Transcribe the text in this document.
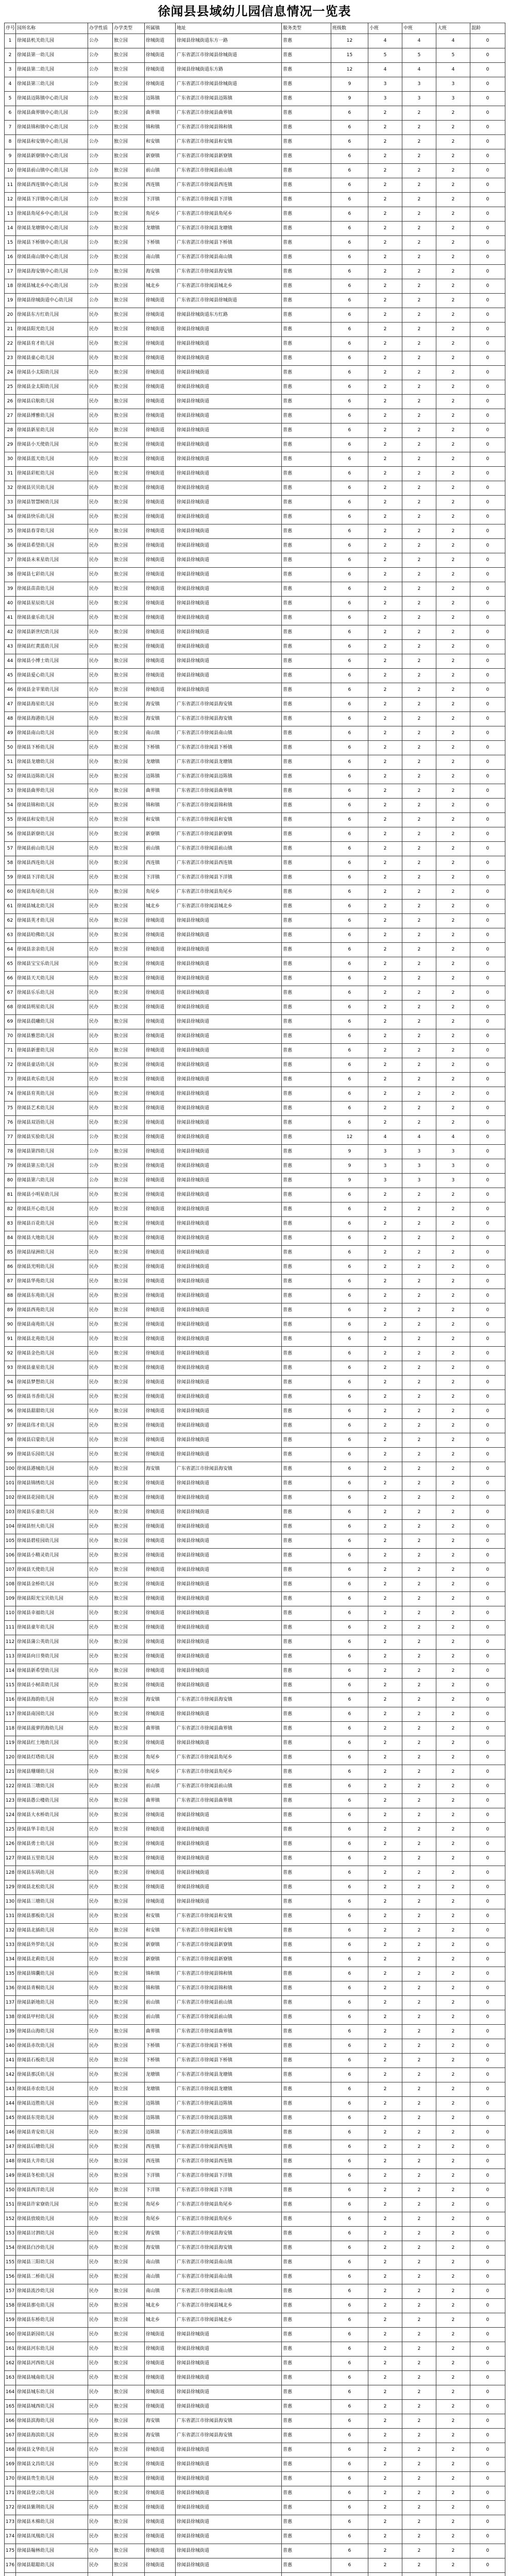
徐闻县县域幼儿园信息情况一览表
序号	园所名称	办学性质	办学类型	所属镇	地址	服务类型	班级数	小班	中班	大班	混龄
1	徐闻县机关幼儿园	公办	独立园	徐城街道	徐闻县徐城街道东方一路	普惠	12	4	4	4	0
2	徐闻县第一幼儿园	公办	独立园	徐城街道	广东省湛江市徐闻县徐城街道	普惠	15	5	5	5	0
3	徐闻县第二幼儿园	公办	独立园	徐城街道	徐闻县徐城街道东方路	普惠	12	4	4	4	0
4	徐闻县第三幼儿园	公办	独立园	徐城街道	广东省湛江市徐闻县徐城街道	普惠	9	3	3	3	0
5	徐闻县迈陈镇中心幼儿园	公办	独立园	迈陈镇	广东省湛江市徐闻县迈陈镇	普惠	9	3	3	3	0
6	徐闻县曲界镇中心幼儿园	公办	独立园	曲界镇	广东省湛江市徐闻县曲界镇	普惠	6	2	2	2	0
7	徐闻县锦和镇中心幼儿园	公办	独立园	锦和镇	广东省湛江市徐闻县锦和镇	普惠	6	2	2	2	0
8	徐闻县和安镇中心幼儿园	公办	独立园	和安镇	广东省湛江市徐闻县和安镇	普惠	6	2	2	2	0
9	徐闻县新寮镇中心幼儿园	公办	独立园	新寮镇	广东省湛江市徐闻县新寮镇	普惠	6	2	2	2	0
10	徐闻县前山镇中心幼儿园	公办	独立园	前山镇	广东省湛江市徐闻县前山镇	普惠	6	2	2	2	0
11	徐闻县西连镇中心幼儿园	公办	独立园	西连镇	广东省湛江市徐闻县西连镇	普惠	6	2	2	2	0
12	徐闻县下洋镇中心幼儿园	公办	独立园	下洋镇	广东省湛江市徐闻县下洋镇	普惠	6	2	2	2	0
13	徐闻县角尾乡中心幼儿园	公办	独立园	角尾乡	广东省湛江市徐闻县角尾乡	普惠	6	2	2	2	0
14	徐闻县龙塘镇中心幼儿园	公办	独立园	龙塘镇	广东省湛江市徐闻县龙塘镇	普惠	6	2	2	2	0
15	徐闻县下桥镇中心幼儿园	公办	独立园	下桥镇	广东省湛江市徐闻县下桥镇	普惠	6	2	2	2	0
16	徐闻县南山镇中心幼儿园	公办	独立园	南山镇	广东省湛江市徐闻县南山镇	普惠	6	2	2	2	0
17	徐闻县海安镇中心幼儿园	公办	独立园	海安镇	广东省湛江市徐闻县海安镇	普惠	6	2	2	2	0
18	徐闻县城北乡中心幼儿园	公办	独立园	城北乡	广东省湛江市徐闻县城北乡	普惠	6	2	2	2	0
19	徐闻县徐城街道中心幼儿园	公办	独立园	徐城街道	广东省湛江市徐闻县徐城街道	普惠	6	2	2	2	0
20	徐闻县东方红幼儿园	民办	独立园	徐城街道	徐闻县徐城街道东方红路	普惠	6	2	2	2	0
21	徐闻县阳光幼儿园	民办	独立园	徐城街道	徐闻县徐城街道	普惠	6	2	2	2	0
22	徐闻县育才幼儿园	民办	独立园	徐城街道	徐闻县徐城街道	普惠	6	2	2	2	0
23	徐闻县童心幼儿园	民办	独立园	徐城街道	徐闻县徐城街道	普惠	6	2	2	2	0
24	徐闻县小太阳幼儿园	民办	独立园	徐城街道	徐闻县徐城街道	普惠	6	2	2	2	0
25	徐闻县金太阳幼儿园	民办	独立园	徐城街道	徐闻县徐城街道	普惠	6	2	2	2	0
26	徐闻县启航幼儿园	民办	独立园	徐城街道	徐闻县徐城街道	普惠	6	2	2	2	0
27	徐闻县博雅幼儿园	民办	独立园	徐城街道	徐闻县徐城街道	普惠	6	2	2	2	0
28	徐闻县新星幼儿园	民办	独立园	徐城街道	徐闻县徐城街道	普惠	6	2	2	2	0
29	徐闻县小天使幼儿园	民办	独立园	徐城街道	徐闻县徐城街道	普惠	6	2	2	2	0
30	徐闻县蓝天幼儿园	民办	独立园	徐城街道	徐闻县徐城街道	普惠	6	2	2	2	0
31	徐闻县彩虹幼儿园	民办	独立园	徐城街道	徐闻县徐城街道	普惠	6	2	2	2	0
32	徐闻县贝贝幼儿园	民办	独立园	徐城街道	徐闻县徐城街道	普惠	6	2	2	2	0
33	徐闻县智慧树幼儿园	民办	独立园	徐城街道	徐闻县徐城街道	普惠	6	2	2	2	0
34	徐闻县快乐幼儿园	民办	独立园	徐城街道	徐闻县徐城街道	普惠	6	2	2	2	0
35	徐闻县春芽幼儿园	民办	独立园	徐城街道	徐闻县徐城街道	普惠	6	2	2	2	0
36	徐闻县希望幼儿园	民办	独立园	徐城街道	徐闻县徐城街道	普惠	6	2	2	2	0
37	徐闻县未来星幼儿园	民办	独立园	徐城街道	徐闻县徐城街道	普惠	6	2	2	2	0
38	徐闻县七彩幼儿园	民办	独立园	徐城街道	徐闻县徐城街道	普惠	6	2	2	2	0
39	徐闻县苗苗幼儿园	民办	独立园	徐城街道	徐闻县徐城街道	普惠	6	2	2	2	0
40	徐闻县星辰幼儿园	民办	独立园	徐城街道	徐闻县徐城街道	普惠	6	2	2	2	0
41	徐闻县童乐幼儿园	民办	独立园	徐城街道	徐闻县徐城街道	普惠	6	2	2	2	0
42	徐闻县新世纪幼儿园	民办	独立园	徐城街道	徐闻县徐城街道	普惠	6	2	2	2	0
43	徐闻县红黄蓝幼儿园	民办	独立园	徐城街道	徐闻县徐城街道	普惠	6	2	2	2	0
44	徐闻县小博士幼儿园	民办	独立园	徐城街道	徐闻县徐城街道	普惠	6	2	2	2	0
45	徐闻县爱心幼儿园	民办	独立园	徐城街道	徐闻县徐城街道	普惠	6	2	2	2	0
46	徐闻县金苹果幼儿园	民办	独立园	徐城街道	徐闻县徐城街道	普惠	6	2	2	2	0
47	徐闻县海星幼儿园	民办	独立园	海安镇	广东省湛江市徐闻县海安镇	普惠	6	2	2	2	0
48	徐闻县海港幼儿园	民办	独立园	海安镇	广东省湛江市徐闻县海安镇	普惠	6	2	2	2	0
49	徐闻县南山幼儿园	民办	独立园	南山镇	广东省湛江市徐闻县南山镇	普惠	6	2	2	2	0
50	徐闻县下桥幼儿园	民办	独立园	下桥镇	广东省湛江市徐闻县下桥镇	普惠	6	2	2	2	0
51	徐闻县龙塘幼儿园	民办	独立园	龙塘镇	广东省湛江市徐闻县龙塘镇	普惠	6	2	2	2	0
52	徐闻县迈陈幼儿园	民办	独立园	迈陈镇	广东省湛江市徐闻县迈陈镇	普惠	6	2	2	2	0
53	徐闻县曲界幼儿园	民办	独立园	曲界镇	广东省湛江市徐闻县曲界镇	普惠	6	2	2	2	0
54	徐闻县锦和幼儿园	民办	独立园	锦和镇	广东省湛江市徐闻县锦和镇	普惠	6	2	2	2	0
55	徐闻县和安幼儿园	民办	独立园	和安镇	广东省湛江市徐闻县和安镇	普惠	6	2	2	2	0
56	徐闻县新寮幼儿园	民办	独立园	新寮镇	广东省湛江市徐闻县新寮镇	普惠	6	2	2	2	0
57	徐闻县前山幼儿园	民办	独立园	前山镇	广东省湛江市徐闻县前山镇	普惠	6	2	2	2	0
58	徐闻县西连幼儿园	民办	独立园	西连镇	广东省湛江市徐闻县西连镇	普惠	6	2	2	2	0
59	徐闻县下洋幼儿园	民办	独立园	下洋镇	广东省湛江市徐闻县下洋镇	普惠	6	2	2	2	0
60	徐闻县角尾幼儿园	民办	独立园	角尾乡	广东省湛江市徐闻县角尾乡	普惠	6	2	2	2	0
61	徐闻县城北幼儿园	民办	独立园	城北乡	广东省湛江市徐闻县城北乡	普惠	6	2	2	2	0
62	徐闻县英才幼儿园	民办	独立园	徐城街道	徐闻县徐城街道	普惠	6	2	2	2	0
63	徐闻县哈佛幼儿园	民办	独立园	徐城街道	徐闻县徐城街道	普惠	6	2	2	2	0
64	徐闻县亲亲幼儿园	民办	独立园	徐城街道	徐闻县徐城街道	普惠	6	2	2	2	0
65	徐闻县宝宝乐幼儿园	民办	独立园	徐城街道	徐闻县徐城街道	普惠	6	2	2	2	0
66	徐闻县天天幼儿园	民办	独立园	徐城街道	徐闻县徐城街道	普惠	6	2	2	2	0
67	徐闻县乐乐幼儿园	民办	独立园	徐城街道	徐闻县徐城街道	普惠	6	2	2	2	0
68	徐闻县明星幼儿园	民办	独立园	徐城街道	徐闻县徐城街道	普惠	6	2	2	2	0
69	徐闻县晨曦幼儿园	民办	独立园	徐城街道	徐闻县徐城街道	普惠	6	2	2	2	0
70	徐闻县雅思幼儿园	民办	独立园	徐城街道	徐闻县徐城街道	普惠	6	2	2	2	0
71	徐闻县新蕾幼儿园	民办	独立园	徐城街道	徐闻县徐城街道	普惠	6	2	2	2	0
72	徐闻县童话幼儿园	民办	独立园	徐城街道	徐闻县徐城街道	普惠	6	2	2	2	0
73	徐闻县欢乐幼儿园	民办	独立园	徐城街道	徐闻县徐城街道	普惠	6	2	2	2	0
74	徐闻县育英幼儿园	民办	独立园	徐城街道	徐闻县徐城街道	普惠	6	2	2	2	0
75	徐闻县艺术幼儿园	民办	独立园	徐城街道	徐闻县徐城街道	普惠	6	2	2	2	0
76	徐闻县双语幼儿园	民办	独立园	徐城街道	徐闻县徐城街道	普惠	6	2	2	2	0
77	徐闻县实验幼儿园	公办	独立园	徐城街道	徐闻县徐城街道	普惠	12	4	4	4	0
78	徐闻县第四幼儿园	公办	独立园	徐城街道	徐闻县徐城街道	普惠	9	3	3	3	0
79	徐闻县第五幼儿园	公办	独立园	徐城街道	徐闻县徐城街道	普惠	9	3	3	3	0
80	徐闻县第六幼儿园	公办	独立园	徐城街道	徐闻县徐城街道	普惠	9	3	3	3	0
81	徐闻县小明星幼儿园	民办	独立园	徐城街道	徐闻县徐城街道	普惠	6	2	2	2	0
82	徐闻县开心幼儿园	民办	独立园	徐城街道	徐闻县徐城街道	普惠	6	2	2	2	0
83	徐闻县百花幼儿园	民办	独立园	徐城街道	徐闻县徐城街道	普惠	6	2	2	2	0
84	徐闻县大地幼儿园	民办	独立园	徐城街道	徐闻县徐城街道	普惠	6	2	2	2	0
85	徐闻县绿洲幼儿园	民办	独立园	徐城街道	徐闻县徐城街道	普惠	6	2	2	2	0
86	徐闻县光明幼儿园	民办	独立园	徐城街道	徐闻县徐城街道	普惠	6	2	2	2	0
87	徐闻县华苑幼儿园	民办	独立园	徐城街道	徐闻县徐城街道	普惠	6	2	2	2	0
88	徐闻县东苑幼儿园	民办	独立园	徐城街道	徐闻县徐城街道	普惠	6	2	2	2	0
89	徐闻县西苑幼儿园	民办	独立园	徐城街道	徐闻县徐城街道	普惠	6	2	2	2	0
90	徐闻县南苑幼儿园	民办	独立园	徐城街道	徐闻县徐城街道	普惠	6	2	2	2	0
91	徐闻县北苑幼儿园	民办	独立园	徐城街道	徐闻县徐城街道	普惠	6	2	2	2	0
92	徐闻县金色幼儿园	民办	独立园	徐城街道	徐闻县徐城街道	普惠	6	2	2	2	0
93	徐闻县童星幼儿园	民办	独立园	徐城街道	徐闻县徐城街道	普惠	6	2	2	2	0
94	徐闻县梦想幼儿园	民办	独立园	徐城街道	徐闻县徐城街道	普惠	6	2	2	2	0
95	徐闻县书香幼儿园	民办	独立园	徐城街道	徐闻县徐城街道	普惠	6	2	2	2	0
96	徐闻县甜甜幼儿园	民办	独立园	徐城街道	徐闻县徐城街道	普惠	6	2	2	2	0
97	徐闻县伟才幼儿园	民办	独立园	徐城街道	徐闻县徐城街道	普惠	6	2	2	2	0
98	徐闻县启蒙幼儿园	民办	独立园	徐城街道	徐闻县徐城街道	普惠	6	2	2	2	0
99	徐闻县乐园幼儿园	民办	独立园	徐城街道	徐闻县徐城街道	普惠	6	2	2	2	0
100	徐闻县港城幼儿园	民办	独立园	海安镇	广东省湛江市徐闻县海安镇	普惠	6	2	2	2	0
101	徐闻县锦绣幼儿园	民办	独立园	徐城街道	徐闻县徐城街道	普惠	6	2	2	2	0
102	徐闻县花园幼儿园	民办	独立园	徐城街道	徐闻县徐城街道	普惠	6	2	2	2	0
103	徐闻县乐童幼儿园	民办	独立园	徐城街道	徐闻县徐城街道	普惠	6	2	2	2	0
104	徐闻县恒大幼儿园	民办	独立园	徐城街道	徐闻县徐城街道	普惠	6	2	2	2	0
105	徐闻县碧桂园幼儿园	民办	独立园	徐城街道	徐闻县徐城街道	普惠	6	2	2	2	0
106	徐闻县小精灵幼儿园	民办	独立园	徐城街道	徐闻县徐城街道	普惠	6	2	2	2	0
107	徐闻县天使幼儿园	民办	独立园	徐城街道	徐闻县徐城街道	普惠	6	2	2	2	0
108	徐闻县金桥幼儿园	民办	独立园	徐城街道	徐闻县徐城街道	普惠	6	2	2	2	0
109	徐闻县阳光宝贝幼儿园	民办	独立园	徐城街道	徐闻县徐城街道	普惠	6	2	2	2	0
110	徐闻县幸福幼儿园	民办	独立园	徐城街道	徐闻县徐城街道	普惠	6	2	2	2	0
111	徐闻县童年幼儿园	民办	独立园	徐城街道	徐闻县徐城街道	普惠	6	2	2	2	0
112	徐闻县蒲公英幼儿园	民办	独立园	徐城街道	徐闻县徐城街道	普惠	6	2	2	2	0
113	徐闻县向日葵幼儿园	民办	独立园	徐城街道	徐闻县徐城街道	普惠	6	2	2	2	0
114	徐闻县新希望幼儿园	民办	独立园	徐城街道	徐闻县徐城街道	普惠	6	2	2	2	0
115	徐闻县小树苗幼儿园	民办	独立园	徐城街道	徐闻县徐城街道	普惠	6	2	2	2	0
116	徐闻县海韵幼儿园	民办	独立园	海安镇	广东省湛江市徐闻县海安镇	普惠	6	2	2	2	0
117	徐闻县南国幼儿园	民办	独立园	徐城街道	徐闻县徐城街道	普惠	6	2	2	2	0
118	徐闻县菠萝的海幼儿园	民办	独立园	曲界镇	广东省湛江市徐闻县曲界镇	普惠	6	2	2	2	0
119	徐闻县红土地幼儿园	民办	独立园	徐城街道	徐闻县徐城街道	普惠	6	2	2	2	0
120	徐闻县灯塔幼儿园	民办	独立园	角尾乡	广东省湛江市徐闻县角尾乡	普惠	6	2	2	2	0
121	徐闻县珊瑚幼儿园	民办	独立园	角尾乡	广东省湛江市徐闻县角尾乡	普惠	6	2	2	2	0
122	徐闻县三墩幼儿园	民办	独立园	前山镇	广东省湛江市徐闻县前山镇	普惠	6	2	2	2	0
123	徐闻县愚公楼幼儿园	民办	独立园	曲界镇	广东省湛江市徐闻县曲界镇	普惠	6	2	2	2	0
124	徐闻县大水桥幼儿园	民办	独立园	徐城街道	徐闻县徐城街道	普惠	6	2	2	2	0
125	徐闻县华丰幼儿园	民办	独立园	徐城街道	徐闻县徐城街道	普惠	6	2	2	2	0
126	徐闻县勇士幼儿园	民办	独立园	徐城街道	徐闻县徐城街道	普惠	6	2	2	2	0
127	徐闻县五里幼儿园	民办	独立园	徐城街道	徐闻县徐城街道	普惠	6	2	2	2	0
128	徐闻县东埚幼儿园	民办	独立园	徐城街道	徐闻县徐城街道	普惠	6	2	2	2	0
129	徐闻县北松幼儿园	民办	独立园	徐城街道	徐闻县徐城街道	普惠	6	2	2	2	0
130	徐闻县三塘幼儿园	民办	独立园	徐城街道	徐闻县徐城街道	普惠	6	2	2	2	0
131	徐闻县那板幼儿园	民办	独立园	和安镇	广东省湛江市徐闻县和安镇	普惠	6	2	2	2	0
132	徐闻县北插幼儿园	民办	独立园	和安镇	广东省湛江市徐闻县和安镇	普惠	6	2	2	2	0
133	徐闻县外罗幼儿园	民办	独立园	新寮镇	广东省湛江市徐闻县新寮镇	普惠	6	2	2	2	0
134	徐闻县北莉幼儿园	民办	独立园	新寮镇	广东省湛江市徐闻县新寮镇	普惠	6	2	2	2	0
135	徐闻县锦囊幼儿园	民办	独立园	锦和镇	广东省湛江市徐闻县锦和镇	普惠	6	2	2	2	0
136	徐闻县青桐幼儿园	民办	独立园	锦和镇	广东省湛江市徐闻县锦和镇	普惠	6	2	2	2	0
137	徐闻县新地幼儿园	民办	独立园	前山镇	广东省湛江市徐闻县前山镇	普惠	6	2	2	2	0
138	徐闻县甲村幼儿园	民办	独立园	前山镇	广东省湛江市徐闻县前山镇	普惠	6	2	2	2	0
139	徐闻县山海幼儿园	民办	独立园	曲界镇	广东省湛江市徐闻县曲界镇	普惠	6	2	2	2	0
140	徐闻县赤坎幼儿园	民办	独立园	下桥镇	广东省湛江市徐闻县下桥镇	普惠	6	2	2	2	0
141	徐闻县石板幼儿园	民办	独立园	下桥镇	广东省湛江市徐闻县下桥镇	普惠	6	2	2	2	0
142	徐闻县那沃幼儿园	民办	独立园	龙塘镇	广东省湛江市徐闻县龙塘镇	普惠	6	2	2	2	0
143	徐闻县赤农幼儿园	民办	独立园	龙塘镇	广东省湛江市徐闻县龙塘镇	普惠	6	2	2	2	0
144	徐闻县迈胜幼儿园	民办	独立园	迈陈镇	广东省湛江市徐闻县迈陈镇	普惠	6	2	2	2	0
145	徐闻县东莞幼儿园	民办	独立园	迈陈镇	广东省湛江市徐闻县迈陈镇	普惠	6	2	2	2	0
146	徐闻县青安幼儿园	民办	独立园	迈陈镇	广东省湛江市徐闻县迈陈镇	普惠	6	2	2	2	0
147	徐闻县后塘幼儿园	民办	独立园	西连镇	广东省湛江市徐闻县西连镇	普惠	6	2	2	2	0
148	徐闻县大井幼儿园	民办	独立园	西连镇	广东省湛江市徐闻县西连镇	普惠	6	2	2	2	0
149	徐闻县冬松幼儿园	民办	独立园	下洋镇	广东省湛江市徐闻县下洋镇	普惠	6	2	2	2	0
150	徐闻县西洋幼儿园	民办	独立园	下洋镇	广东省湛江市徐闻县下洋镇	普惠	6	2	2	2	0
151	徐闻县许家寮幼儿园	民办	独立园	角尾乡	广东省湛江市徐闻县角尾乡	普惠	6	2	2	2	0
152	徐闻县放坡幼儿园	民办	独立园	角尾乡	广东省湛江市徐闻县角尾乡	普惠	6	2	2	2	0
153	徐闻县讨泗幼儿园	民办	独立园	海安镇	广东省湛江市徐闻县海安镇	普惠	6	2	2	2	0
154	徐闻县白沙幼儿园	民办	独立园	海安镇	广东省湛江市徐闻县海安镇	普惠	6	2	2	2	0
155	徐闻县三阳幼儿园	民办	独立园	南山镇	广东省湛江市徐闻县南山镇	普惠	6	2	2	2	0
156	徐闻县二桥幼儿园	民办	独立园	南山镇	广东省湛江市徐闻县南山镇	普惠	6	2	2	2	0
157	徐闻县流沙幼儿园	民办	独立园	南山镇	广东省湛江市徐闻县南山镇	普惠	6	2	2	2	0
158	徐闻县那屯幼儿园	民办	独立园	城北乡	广东省湛江市徐闻县城北乡	普惠	6	2	2	2	0
159	徐闻县东桥幼儿园	民办	独立园	城北乡	广东省湛江市徐闻县城北乡	普惠	6	2	2	2	0
160	徐闻县新园幼儿园	民办	独立园	徐城街道	徐闻县徐城街道	普惠	6	2	2	2	0
161	徐闻县河东幼儿园	民办	独立园	徐城街道	徐闻县徐城街道	普惠	6	2	2	2	0
162	徐闻县河西幼儿园	民办	独立园	徐城街道	徐闻县徐城街道	普惠	6	2	2	2	0
163	徐闻县城南幼儿园	民办	独立园	徐城街道	徐闻县徐城街道	普惠	6	2	2	2	0
164	徐闻县城东幼儿园	民办	独立园	徐城街道	徐闻县徐城街道	普惠	6	2	2	2	0
165	徐闻县城西幼儿园	民办	独立园	徐城街道	徐闻县徐城街道	普惠	6	2	2	2	0
166	徐闻县滨海幼儿园	民办	独立园	海安镇	广东省湛江市徐闻县海安镇	普惠	6	2	2	2	0
167	徐闻县海滨幼儿园	民办	独立园	海安镇	广东省湛江市徐闻县海安镇	普惠	6	2	2	2	0
168	徐闻县文华幼儿园	民办	独立园	徐城街道	徐闻县徐城街道	普惠	6	2	2	2	0
169	徐闻县文昌幼儿园	民办	独立园	徐城街道	徐闻县徐城街道	普惠	6	2	2	2	0
170	徐闻县贵生幼儿园	民办	独立园	徐城街道	徐闻县徐城街道	普惠	6	2	2	2	0
171	徐闻县登云幼儿园	民办	独立园	徐城街道	徐闻县徐城街道	普惠	6	2	2	2	0
172	徐闻县紫荆幼儿园	民办	独立园	徐城街道	徐闻县徐城街道	普惠	6	2	2	2	0
173	徐闻县木棉幼儿园	民办	独立园	徐城街道	徐闻县徐城街道	普惠	6	2	2	2	0
174	徐闻县凤凰幼儿园	民办	独立园	徐城街道	徐闻县徐城街道	普惠	6	2	2	2	0
175	徐闻县翰林幼儿园	民办	独立园	徐城街道	徐闻县徐城街道	普惠	6	2	2	2	0
176	徐闻县聪聪幼儿园	民办	独立园	徐城街道	徐闻县徐城街道	普惠	6	2	2	2	0
